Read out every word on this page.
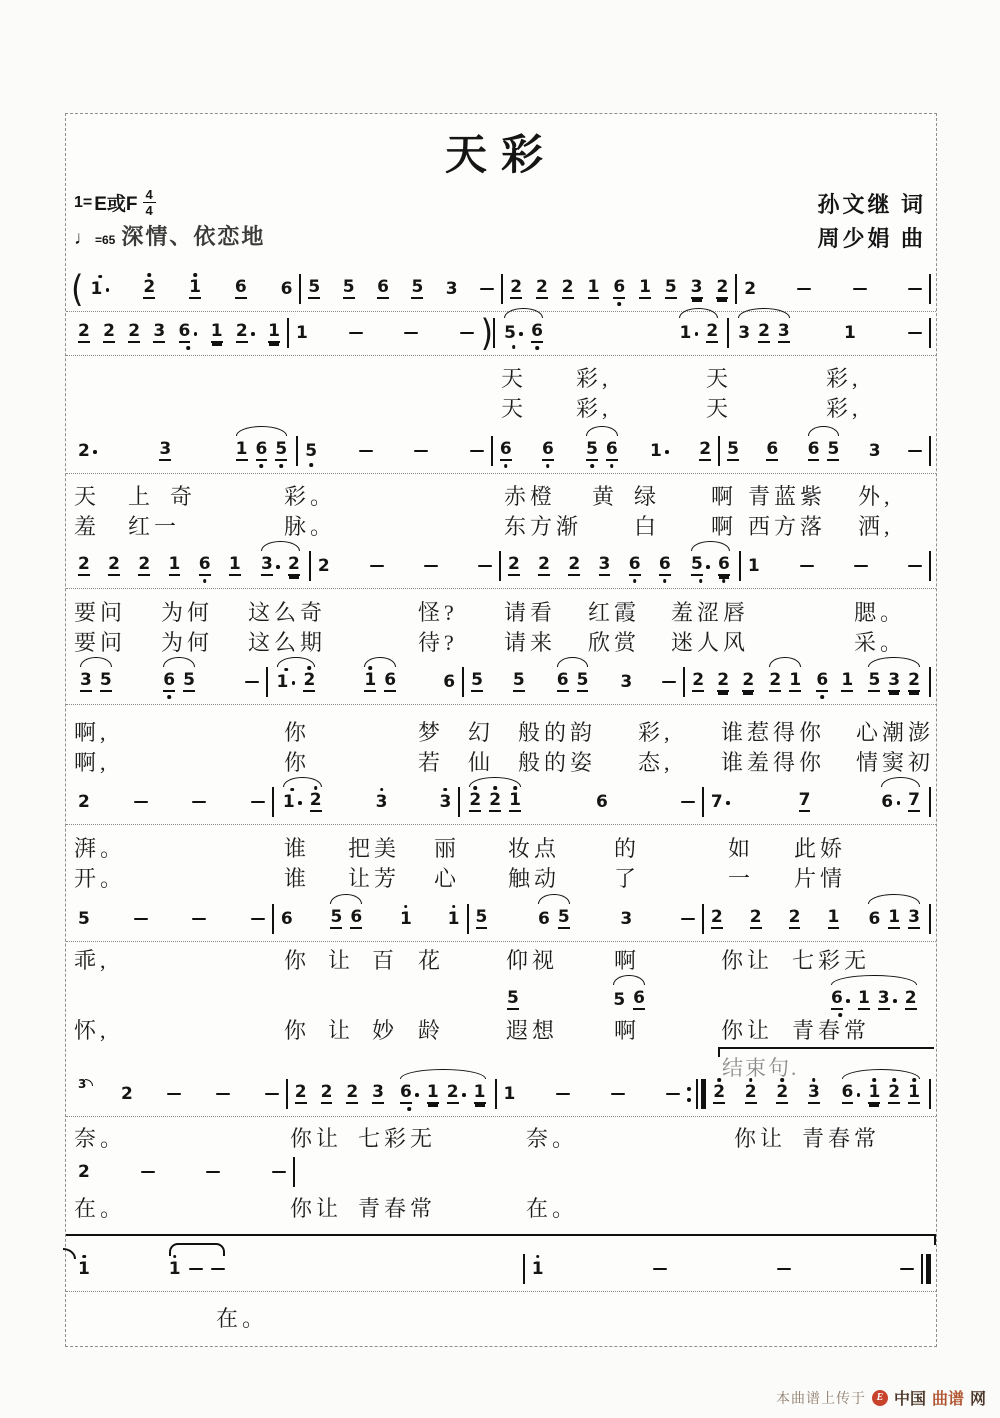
天彩
1= E或F $\frac{4}{4}$
♩ =65 深情、依恋地
孙文继 词
周少娟 曲
( 1 2 1 6 6 5 5 6 5 3	2 2 2 1 6 1 5 3 2 2
2 2 2 3 6 1 2 1 1	) 5 6	1 2 3 2 3	1
2	3	1 6 5 5	6 6 5 6 1 2 5 6 6 5 3
2 2 2 1 6 1 3 2 2	2 2 2 3 6 6 5 6 1
3 5	6 5	1 2	1 6	6 5 5 6 5 3	2 2 2 2 1 6 1 5 3 2
2	1 2	3	3 2 2 1	6	7	7	6 7
5	6 5 6 1 1 5	6 5	3	2 2 2 1 6 1 3
5	5 6	6 1 3 2
3 2	2 2 2 3 6 1 2 1 1	2 2 2 3 6 1 2 1
2
1	1	1
天 彩,	天	彩,
天 彩,	天	彩,
天 上 奇	彩。	赤橙 黄 绿 啊 青蓝紫 外,
羞 红一	脉。	东方渐 白 啊 西方落 洒,
要问 为何 这么奇	怪? 请看 红霞 羞涩唇	腮。
要问 为何 这么期	待? 请来 欣赏 迷人风	采。
啊,	你	梦 幻 般的韵 彩, 谁惹得你 心潮澎
啊,	你	若 仙 般的姿 态, 谁羞得你 情窦初
湃。	谁 把美 丽 妆点 的	如 此娇
开。	谁 让芳 心 触动 了	一 片情
乖,	你 让 百 花	仰视	啊	你让 七彩无
怀,	你 让 妙 龄	遐想	啊	你让 青春常
奈。	你让 七彩无	奈。	你让 青春常
在。	你让 青春常	在。
在。
结束句.
本曲谱上传于	E 中国 曲谱 网
